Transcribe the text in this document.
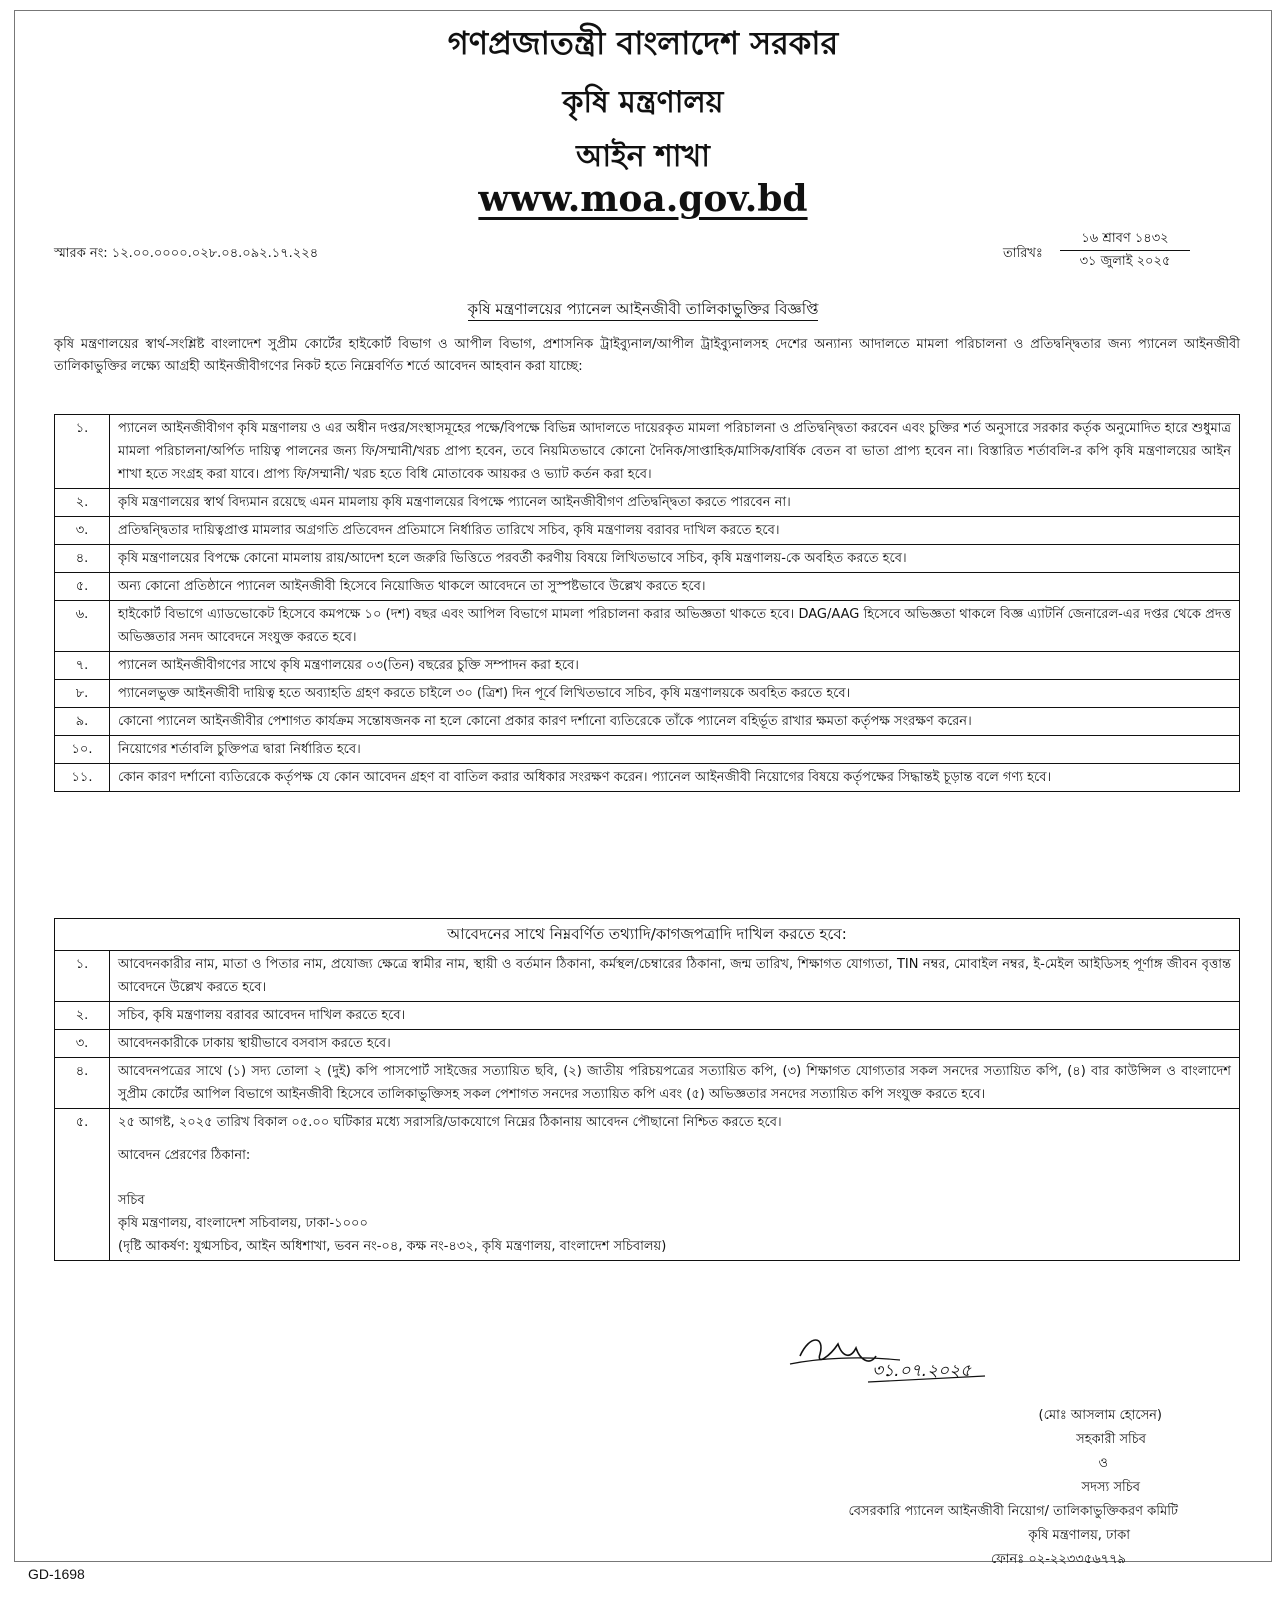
গণপ্রজাতন্ত্রী বাংলাদেশ সরকার
কৃষি মন্ত্রণালয়
আইন শাখা
www.moa.gov.bd
স্মারক নং: ১২.০০.০০০০.০২৮.০৪.০৯২.১৭.২২৪	তারিখঃ
১৬ শ্রাবণ ১৪৩২
৩১ জুলাই ২০২৫
কৃষি মন্ত্রণালয়ের প্যানেল আইনজীবী তালিকাভুক্তির বিজ্ঞপ্তি
কৃষি মন্ত্রণালয়ের স্বার্থ-সংশ্লিষ্ট বাংলাদেশ সুপ্রীম কোর্টের হাইকোর্ট বিভাগ ও আপীল বিভাগ, প্রশাসনিক ট্রাইব্যুনাল/আপীল ট্রাইব্যুনালসহ দেশের অন্যান্য আদালতে মামলা পরিচালনা ও প্রতিদ্বন্দ্বিতার জন্য প্যানেল আইনজীবী তালিকাভুক্তির লক্ষ্যে আগ্রহী আইনজীবীগণের নিকট হতে নিম্নেবর্ণিত শর্তে আবেদন আহবান করা যাচ্ছে:
১.	প্যানেল আইনজীবীগণ কৃষি মন্ত্রণালয় ও এর অধীন দপ্তর/সংস্থাসমূহের পক্ষে/বিপক্ষে বিভিন্ন আদালতে দায়েরকৃত মামলা পরিচালনা ও প্রতিদ্বন্দ্বিতা করবেন এবং চুক্তির শর্ত অনুসারে সরকার কর্তৃক অনুমোদিত হারে শুধুমাত্র মামলা পরিচালনা/অর্পিত দায়িত্ব পালনের জন্য ফি/সম্মানী/খরচ প্রাপ্য হবেন, তবে নিয়মিতভাবে কোনো দৈনিক/সাপ্তাহিক/মাসিক/বার্ষিক বেতন বা ভাতা প্রাপ্য হবেন না। বিস্তারিত শর্তাবলি-র কপি কৃষি মন্ত্রণালয়ের আইন শাখা হতে সংগ্রহ করা যাবে। প্রাপ্য ফি/সম্মানী/ খরচ হতে বিধি মোতাবেক আয়কর ও ভ্যাট কর্তন করা হবে।
২.	কৃষি মন্ত্রণালয়ের স্বার্থ বিদ্যমান রয়েছে এমন মামলায় কৃষি মন্ত্রণালয়ের বিপক্ষে প্যানেল আইনজীবীগণ প্রতিদ্বন্দ্বিতা করতে পারবেন না।
৩.	প্রতিদ্বন্দ্বিতার দায়িত্বপ্রাপ্ত মামলার অগ্রগতি প্রতিবেদন প্রতিমাসে নির্ধারিত তারিখে সচিব, কৃষি মন্ত্রণালয় বরাবর দাখিল করতে হবে।
৪.	কৃষি মন্ত্রণালয়ের বিপক্ষে কোনো মামলায় রায়/আদেশ হলে জরুরি ভিত্তিতে পরবর্তী করণীয় বিষয়ে লিখিতভাবে সচিব, কৃষি মন্ত্রণালয়-কে অবহিত করতে হবে।
৫.	অন্য কোনো প্রতিষ্ঠানে প্যানেল আইনজীবী হিসেবে নিয়োজিত থাকলে আবেদনে তা সুস্পষ্টভাবে উল্লেখ করতে হবে।
৬.	হাইকোর্ট বিভাগে এ্যাডভোকেট হিসেবে কমপক্ষে ১০ (দশ) বছর এবং আপিল বিভাগে মামলা পরিচালনা করার অভিজ্ঞতা থাকতে হবে। DAG/AAG হিসেবে অভিজ্ঞতা থাকলে বিজ্ঞ এ্যাটর্নি জেনারেল-এর দপ্তর থেকে প্রদত্ত অভিজ্ঞতার সনদ আবেদনে সংযুক্ত করতে হবে।
৭.	প্যানেল আইনজীবীগণের সাথে কৃষি মন্ত্রণালয়ের ০৩(তিন) বছরের চুক্তি সম্পাদন করা হবে।
৮.	প্যানেলভুক্ত আইনজীবী দায়িত্ব হতে অব্যাহতি গ্রহণ করতে চাইলে ৩০ (ত্রিশ) দিন পূর্বে লিখিতভাবে সচিব, কৃষি মন্ত্রণালয়কে অবহিত করতে হবে।
৯.	কোনো প্যানেল আইনজীবীর পেশাগত কার্যক্রম সন্তোষজনক না হলে কোনো প্রকার কারণ দর্শানো ব্যতিরেকে তাঁকে প্যানেল বহির্ভূত রাখার ক্ষমতা কর্তৃপক্ষ সংরক্ষণ করেন।
১০.	নিয়োগের শর্তাবলি চুক্তিপত্র দ্বারা নির্ধারিত হবে।
১১.	কোন কারণ দর্শানো ব্যতিরেকে কর্তৃপক্ষ যে কোন আবেদন গ্রহণ বা বাতিল করার অধিকার সংরক্ষণ করেন। প্যানেল আইনজীবী নিয়োগের বিষয়ে কর্তৃপক্ষের সিদ্ধান্তই চূড়ান্ত বলে গণ্য হবে।
আবেদনের সাথে নিম্নবর্ণিত তথ্যাদি/কাগজপত্রাদি দাখিল করতে হবে:	
১.	আবেদনকারীর নাম, মাতা ও পিতার নাম, প্রযোজ্য ক্ষেত্রে স্বামীর নাম, স্থায়ী ও বর্তমান ঠিকানা, কর্মস্থল/চেম্বারের ঠিকানা, জন্ম তারিখ, শিক্ষাগত যোগ্যতা, TIN নম্বর, মোবাইল নম্বর, ই-মেইল আইডিসহ পূর্ণাঙ্গ জীবন বৃত্তান্ত আবেদনে উল্লেখ করতে হবে।
২.	সচিব, কৃষি মন্ত্রণালয় বরাবর আবেদন দাখিল করতে হবে।
৩.	আবেদনকারীকে ঢাকায় স্থায়ীভাবে বসবাস করতে হবে।
৪.	আবেদনপত্রের সাথে (১) সদ্য তোলা ২ (দুই) কপি পাসপোর্ট সাইজের সত্যায়িত ছবি, (২) জাতীয় পরিচয়পত্রের সত্যায়িত কপি, (৩) শিক্ষাগত যোগ্যতার সকল সনদের সত্যায়িত কপি, (৪) বার কাউন্সিল ও বাংলাদেশ সুপ্রীম কোর্টের আপিল বিভাগে আইনজীবী হিসেবে তালিকাভুক্তিসহ সকল পেশাগত সনদের সত্যায়িত কপি এবং (৫) অভিজ্ঞতার সনদের সত্যায়িত কপি সংযুক্ত করতে হবে।
৫.	২৫ আগষ্ট, ২০২৫ তারিখ বিকাল ০৫.০০ ঘটিকার মধ্যে সরাসরি/ডাকযোগে নিম্নের ঠিকানায় আবেদন পৌছানো নিশ্চিত করতে হবে।

আবেদন প্রেরণের ঠিকানা:

সচিব

কৃষি মন্ত্রণালয়, বাংলাদেশ সচিবালয়, ঢাকা-১০০০

(দৃষ্টি আকর্ষণ: যুগ্মসচিব, আইন অধিশাখা, ভবন নং-০৪, কক্ষ নং-৪৩২, কৃষি মন্ত্রণালয়, বাংলাদেশ সচিবালয়)

৩১.০৭.২০২৫
(মোঃ আসলাম হোসেন)
সহকারী সচিব
ও
সদস্য সচিব
বেসরকারি প্যানেল আইনজীবী নিয়োগ/ তালিকাভুক্তিকরণ কমিটি
কৃষি মন্ত্রণালয়, ঢাকা
ফোনঃ ০২-২২৩৩৫৬৭৭৯
GD-1698
